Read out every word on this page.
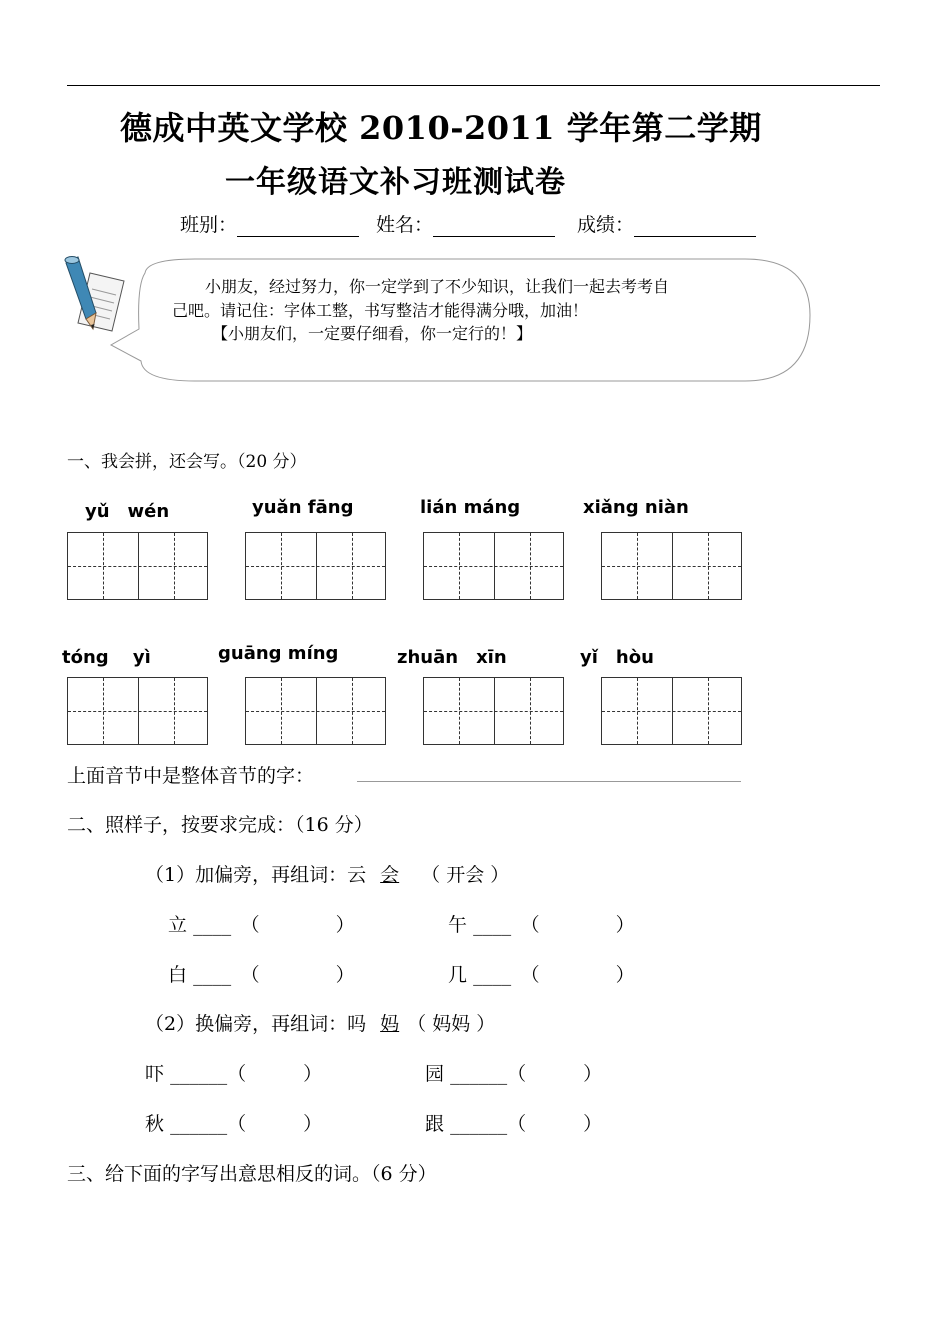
德成中英文学校 2010-2011 学年第二学期
一年级语文补习班测试卷
班别：	姓名：	成绩：
小朋友，经过努力，你一定学到了不少知识，让我们一起去考考自
己吧。请记住：字体工整，书写整洁才能得满分哦，加油！
【小朋友们，一定要仔细看，你一定行的！】
一、我会拼，还会写。（20 分）
yǔ　wén	yuǎn fāng	lián máng	xiǎng niàn
tóng　 yì	guāng míng	zhuān　xīn	yǐ　hòu
上面音节中是整体音节的字：
二、照样子，按要求完成：（16 分）
（1）加偏旁，再组词：云 会 （ 开会 ）
立 ____　 （　　　　）	午 ____　 （　　　　）
白 ____　 （　　　　）	几 ____　 （　　　　）
（2）换偏旁，再组词：吗 妈 （ 妈妈 ）
吓 ______（　　　）	园 ______（　　　）
秋 ______（　　　）	跟 ______（　　　）
三、给下面的字写出意思相反的词。（6 分）
